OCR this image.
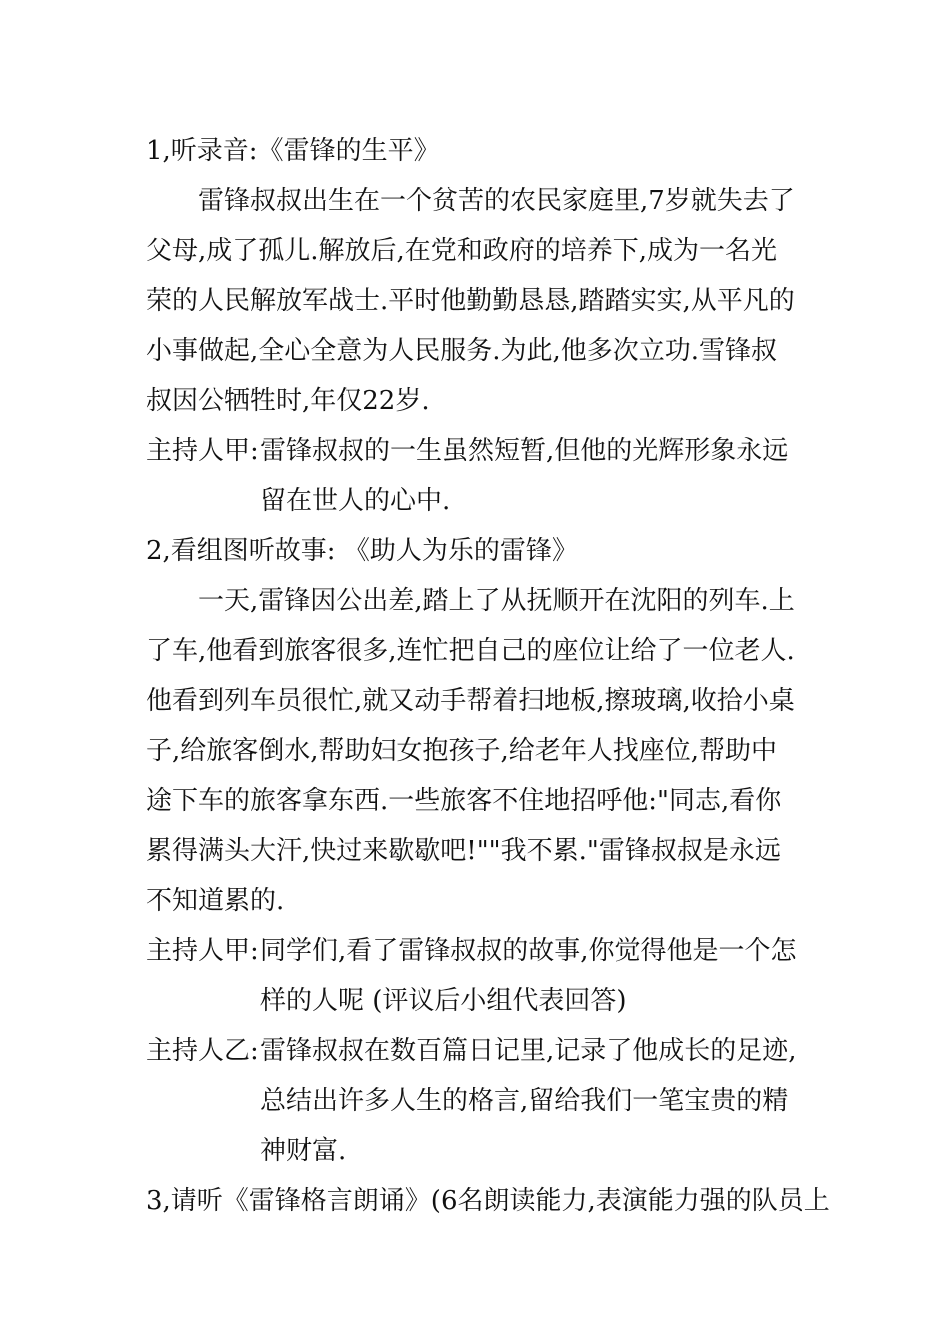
1,听录音:《雷锋的生平》
雷锋叔叔出生在一个贫苦的农民家庭里,7岁就失去了
父母,成了孤儿.解放后,在党和政府的培养下,成为一名光
荣的人民解放军战士.平时他勤勤恳恳,踏踏实实,从平凡的
小事做起,全心全意为人民服务.为此,他多次立功.雪锋叔
叔因公牺牲时,年仅22岁.
主持人甲: 雷锋叔叔的一生虽然短暂,但他的光辉形象永远
留在世人的心中.
2,看组图听故事: 《助人为乐的雷锋》
一天,雷锋因公出差,踏上了从抚顺开在沈阳的列车.上
了车,他看到旅客很多,连忙把自己的座位让给了一位老人.
他看到列车员很忙,就又动手帮着扫地板,擦玻璃,收拾小桌
子,给旅客倒水,帮助妇女抱孩子,给老年人找座位,帮助中
途下车的旅客拿东西.一些旅客不住地招呼他:"同志,看你
累得满头大汗,快过来歇歇吧!""我不累."雷锋叔叔是永远
不知道累的.
主持人甲: 同学们,看了雷锋叔叔的故事,你觉得他是一个怎
样的人呢 (评议后小组代表回答)
主持人乙: 雷锋叔叔在数百篇日记里,记录了他成长的足迹,
总结出许多人生的格言,留给我们一笔宝贵的精
神财富.
3,请听《雷锋格言朗诵》(6名朗读能力,表演能力强的队员上
